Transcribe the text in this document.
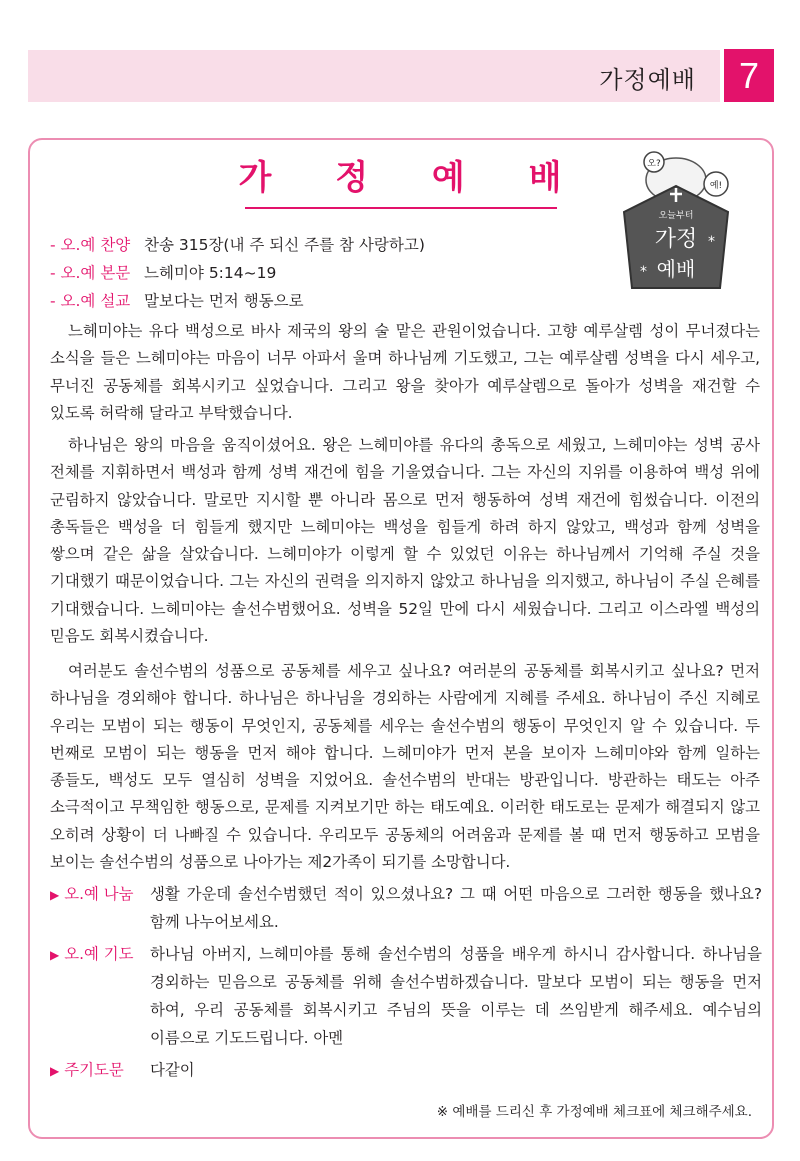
가정예배	7
가 정 예 배	오?
예!
오늘부터
가정
예배
*
*
- 오.예 찬양 찬송 315장(내 주 되신 주를 참 사랑하고)
- 오.예 본문 느헤미야 5:14~19
- 오.예 설교 말보다는 먼저 행동으로
느헤미야는 유다 백성으로 바사 제국의 왕의 술 맡은 관원이었습니다. 고향 예루살렘 성이 무너졌다는 소식을 들은 느헤미야는 마음이 너무 아파서 울며 하나님께 기도했고, 그는 예루살렘 성벽을 다시 세우고, 무너진 공동체를 회복시키고 싶었습니다. 그리고 왕을 찾아가 예루살렘으로 돌아가 성벽을 재건할 수 있도록 허락해 달라고 부탁했습니다.
하나님은 왕의 마음을 움직이셨어요. 왕은 느헤미야를 유다의 총독으로 세웠고, 느헤미야는 성벽 공사 전체를 지휘하면서 백성과 함께 성벽 재건에 힘을 기울였습니다. 그는 자신의 지위를 이용하여 백성 위에 군림하지 않았습니다. 말로만 지시할 뿐 아니라 몸으로 먼저 행동하여 성벽 재건에 힘썼습니다. 이전의 총독들은 백성을 더 힘들게 했지만 느헤미야는 백성을 힘들게 하려 하지 않았고, 백성과 함께 성벽을 쌓으며 같은 삶을 살았습니다. 느헤미야가 이렇게 할 수 있었던 이유는 하나님께서 기억해 주실 것을 기대했기 때문이었습니다. 그는 자신의 권력을 의지하지 않았고 하나님을 의지했고, 하나님이 주실 은혜를 기대했습니다. 느헤미야는 솔선수범했어요. 성벽을 52일 만에 다시 세웠습니다. 그리고 이스라엘 백성의 믿음도 회복시켰습니다.
여러분도 솔선수범의 성품으로 공동체를 세우고 싶나요? 여러분의 공동체를 회복시키고 싶나요? 먼저 하나님을 경외해야 합니다. 하나님은 하나님을 경외하는 사람에게 지혜를 주세요. 하나님이 주신 지혜로 우리는 모범이 되는 행동이 무엇인지, 공동체를 세우는 솔선수범의 행동이 무엇인지 알 수 있습니다. 두 번째로 모범이 되는 행동을 먼저 해야 합니다. 느헤미야가 먼저 본을 보이자 느헤미야와 함께 일하는 종들도, 백성도 모두 열심히 성벽을 지었어요. 솔선수범의 반대는 방관입니다. 방관하는 태도는 아주 소극적이고 무책임한 행동으로, 문제를 지켜보기만 하는 태도예요. 이러한 태도로는 문제가 해결되지 않고 오히려 상황이 더 나빠질 수 있습니다. 우리모두 공동체의 어려움과 문제를 볼 때 먼저 행동하고 모범을 보이는 솔선수범의 성품으로 나아가는 제2가족이 되기를 소망합니다.
▶ 오.예 나눔	생활 가운데 솔선수범했던 적이 있으셨나요? 그 때 어떤 마음으로 그러한 행동을 했나요? 함께 나누어보세요.
▶ 오.예 기도	하나님 아버지, 느헤미야를 통해 솔선수범의 성품을 배우게 하시니 감사합니다. 하나님을 경외하는 믿음으로 공동체를 위해 솔선수범하겠습니다. 말보다 모범이 되는 행동을 먼저 하여, 우리 공동체를 회복시키고 주님의 뜻을 이루는 데 쓰임받게 해주세요. 예수님의 이름으로 기도드립니다. 아멘
▶ 주기도문	다같이
※ 예배를 드리신 후 가정예배 체크표에 체크해주세요.
